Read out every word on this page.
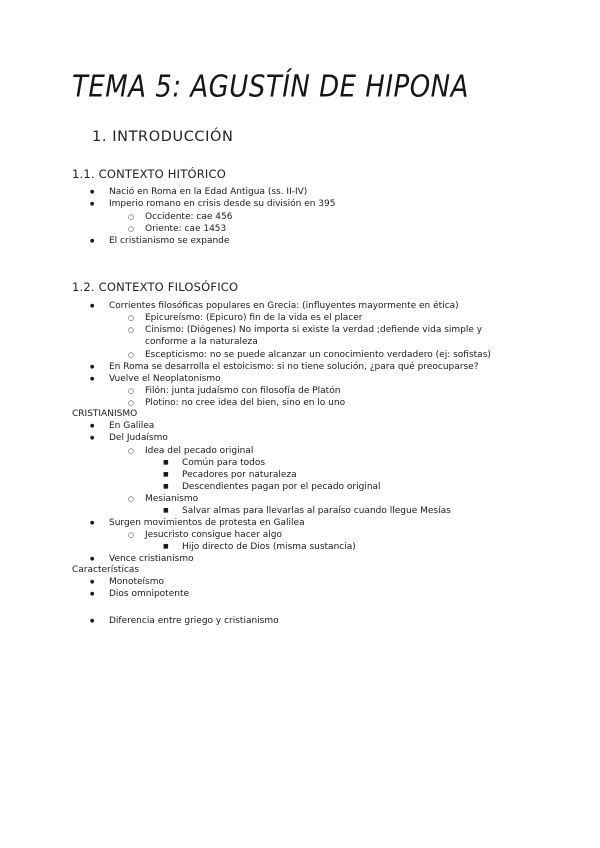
TEMA 5: AGUSTÍN DE HIPONA
1. INTRODUCCIÓN
1.1. CONTEXTO HITÓRICO
●
Nació en Roma en la Edad Antigua (ss. II-IV)
●
Imperio romano en crisis desde su división en 395
○
Occidente: cae 456
○
Oriente: cae 1453
●
El cristianismo se expande
1.2. CONTEXTO FILOSÓFICO
●
Corrientes filosóficas populares en Grecia: (influyentes mayormente en ética)
○
Epicureísmo: (Epicuro) fin de la vida es el placer
○
Cinismo: (Diógenes) No importa si existe la verdad ;defiende vida simple y conforme a la naturaleza
○
Escepticismo: no se puede alcanzar un conocimiento verdadero (ej: sofistas)
●
En Roma se desarrolla el estoicismo: si no tiene solución, ¿para qué preocuparse?
●
Vuelve el Neoplatonismo
○
Filón: junta judaísmo con filosofía de Platón
○
Plotino: no cree idea del bien, sino en lo uno
CRISTIANISMO
●
En Galilea
●
Del Judaísmo
○
Idea del pecado original
■
Común para todos
■
Pecadores por naturaleza
■
Descendientes pagan por el pecado original
○
Mesianismo
■
Salvar almas para llevarlas al paraíso cuando llegue Mesías
●
Surgen movimientos de protesta en Galilea
○
Jesucristo consigue hacer algo
■
Hijo directo de Dios (misma sustancia)
●
Vence cristianismo
Características
●
Monoteísmo
●
Dios omnipotente
●
Diferencia entre griego y cristianismo
